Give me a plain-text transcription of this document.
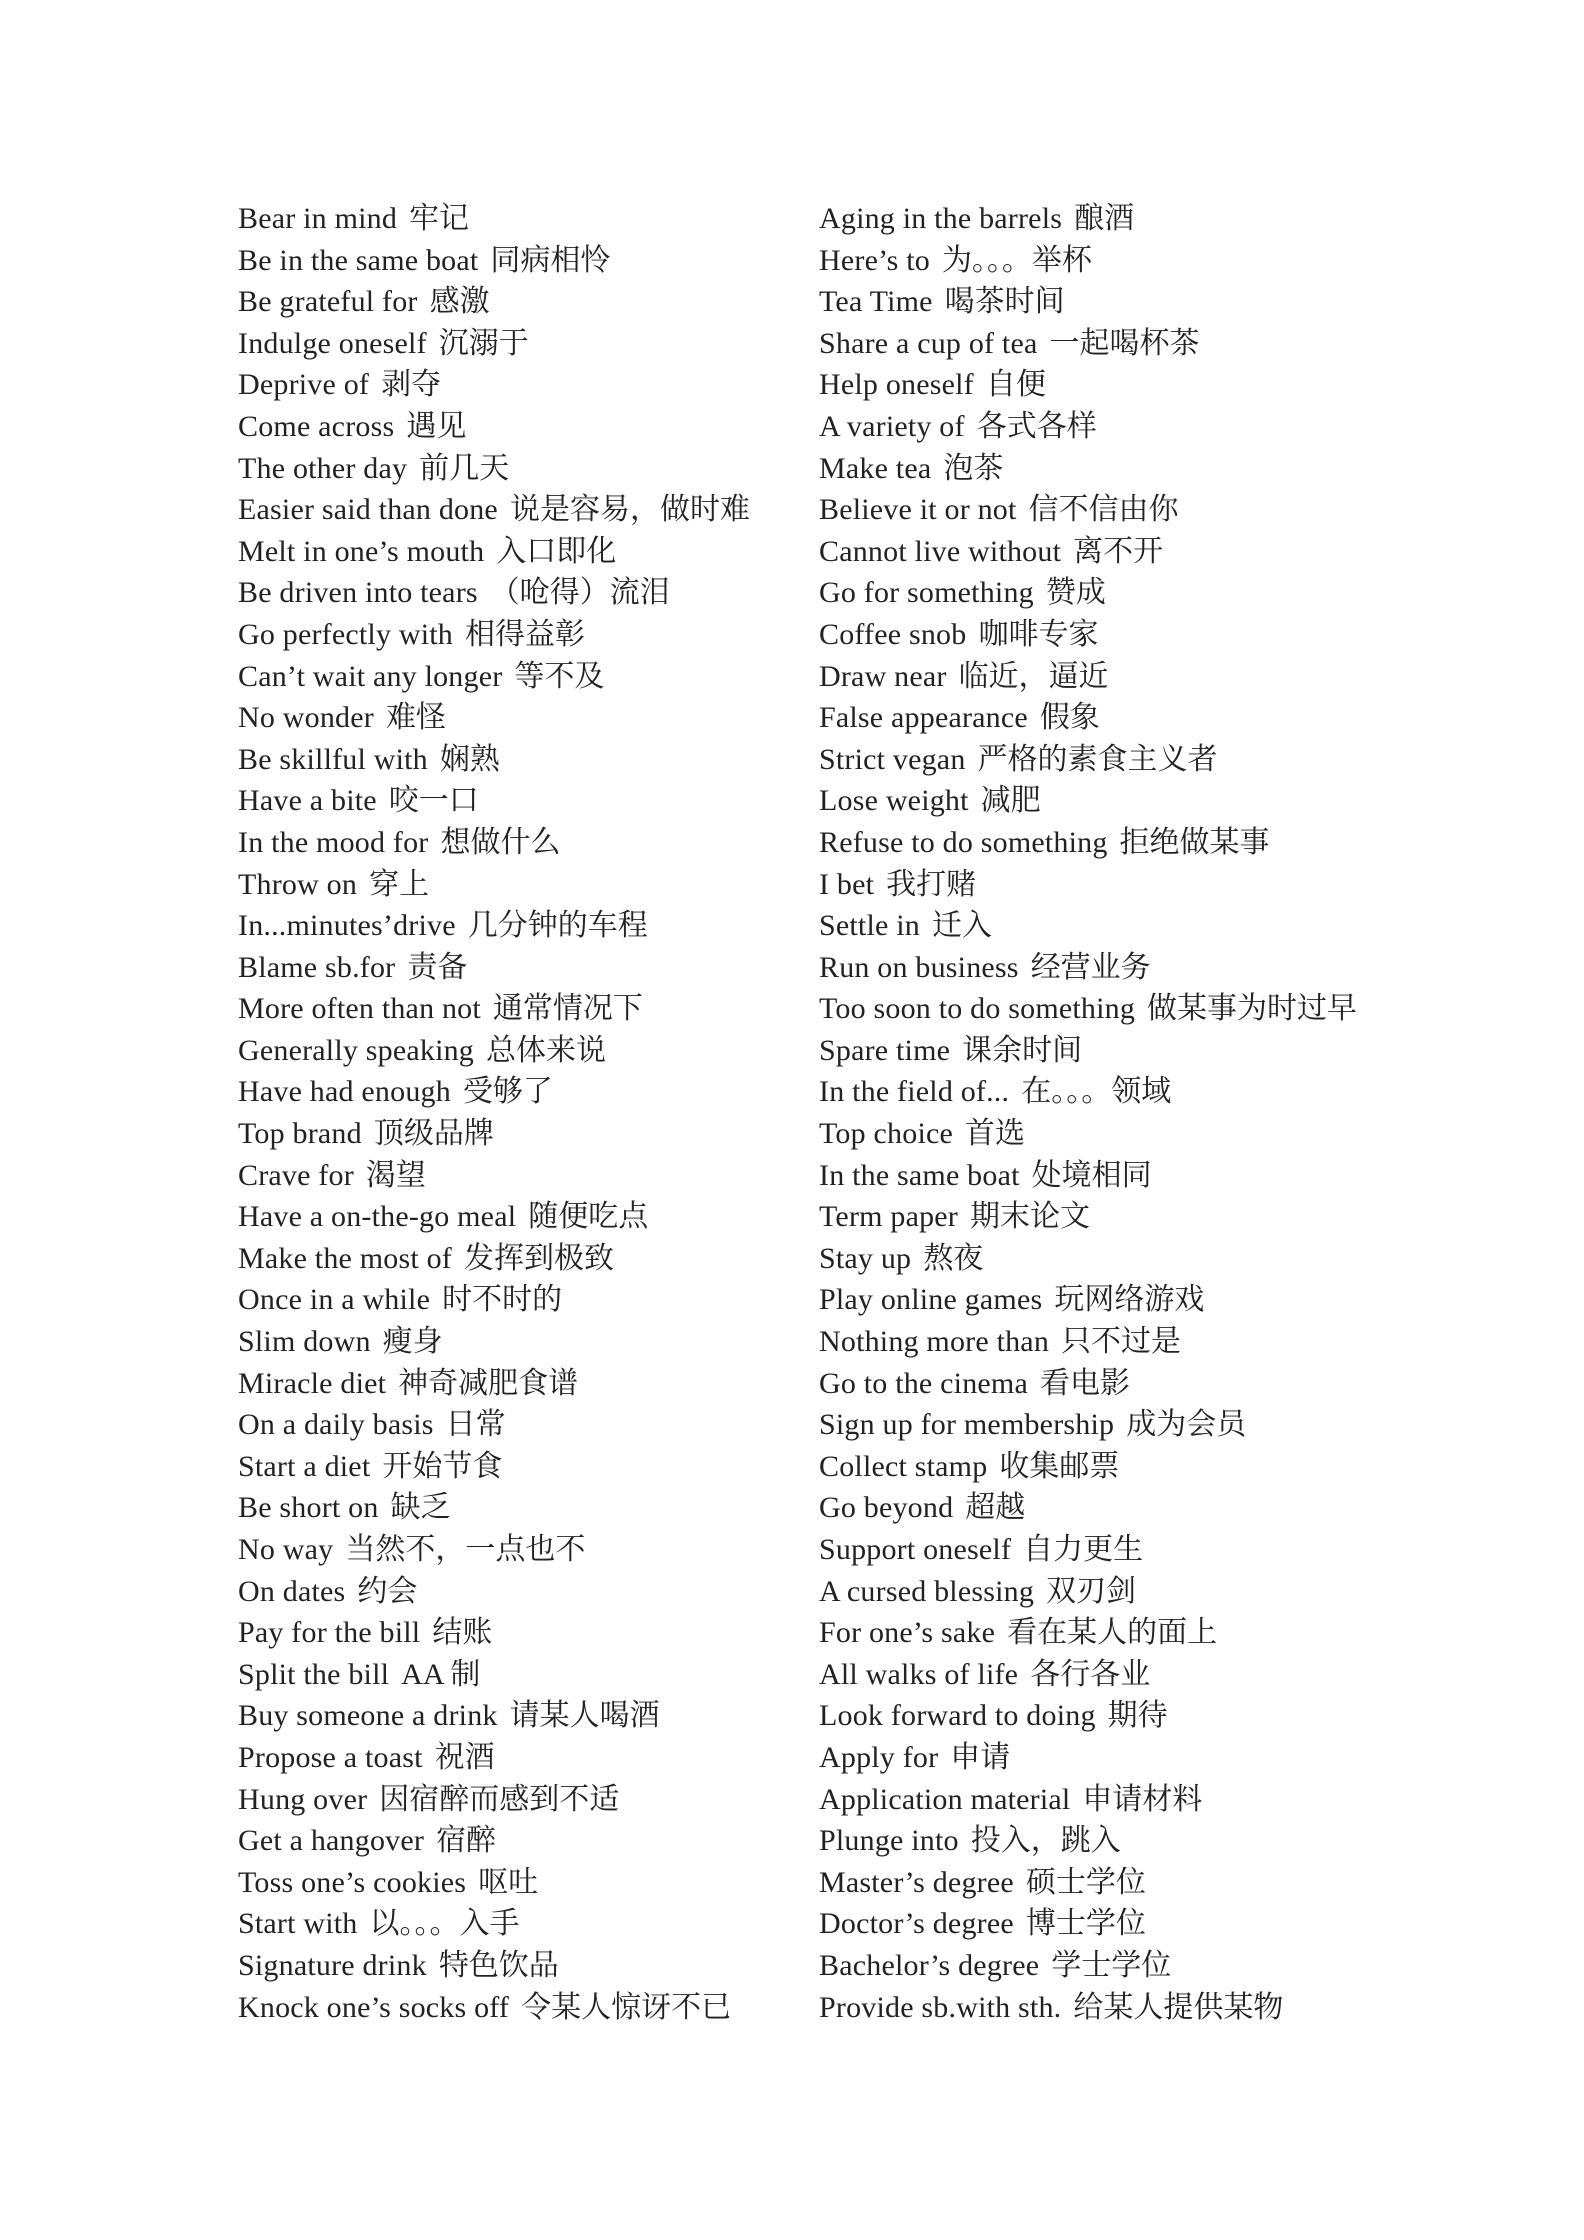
Bear in mind 牢记
Be in the same boat 同病相怜
Be grateful for 感激
Indulge oneself 沉溺于
Deprive of 剥夺
Come across 遇见
The other day 前几天
Easier said than done 说是容易，做时难
Melt in one’s mouth 入口即化
Be driven into tears （呛得）流泪
Go perfectly with 相得益彰
Can’t wait any longer 等不及
No wonder 难怪
Be skillful with 娴熟
Have a bite 咬一口
In the mood for 想做什么
Throw on 穿上
In...minutes’drive 几分钟的车程
Blame sb.for 责备
More often than not 通常情况下
Generally speaking 总体来说
Have had enough 受够了
Top brand 顶级品牌
Crave for 渴望
Have a on-the-go meal 随便吃点
Make the most of 发挥到极致
Once in a while 时不时的
Slim down 瘦身
Miracle diet 神奇减肥食谱
On a daily basis 日常
Start a diet 开始节食
Be short on 缺乏
No way 当然不，一点也不
On dates 约会
Pay for the bill 结账
Split the bill AA 制
Buy someone a drink 请某人喝酒
Propose a toast 祝酒
Hung over 因宿醉而感到不适
Get a hangover 宿醉
Toss one’s cookies 呕吐
Start with 以。。。入手
Signature drink 特色饮品
Knock one’s socks off 令某人惊讶不已
Aging in the barrels 酿酒
Here’s to 为。。。举杯
Tea Time 喝茶时间
Share a cup of tea 一起喝杯茶
Help oneself 自便
A variety of 各式各样
Make tea 泡茶
Believe it or not 信不信由你
Cannot live without 离不开
Go for something 赞成
Coffee snob 咖啡专家
Draw near 临近，逼近
False appearance 假象
Strict vegan 严格的素食主义者
Lose weight 减肥
Refuse to do something 拒绝做某事
I bet 我打赌
Settle in 迁入
Run on business 经营业务
Too soon to do something 做某事为时过早
Spare time 课余时间
In the field of... 在。。。领域
Top choice 首选
In the same boat 处境相同
Term paper 期末论文
Stay up 熬夜
Play online games 玩网络游戏
Nothing more than 只不过是
Go to the cinema 看电影
Sign up for membership 成为会员
Collect stamp 收集邮票
Go beyond 超越
Support oneself 自力更生
A cursed blessing 双刃剑
For one’s sake 看在某人的面上
All walks of life 各行各业
Look forward to doing 期待
Apply for 申请
Application material 申请材料
Plunge into 投入，跳入
Master’s degree 硕士学位
Doctor’s degree 博士学位
Bachelor’s degree 学士学位
Provide sb.with sth. 给某人提供某物
